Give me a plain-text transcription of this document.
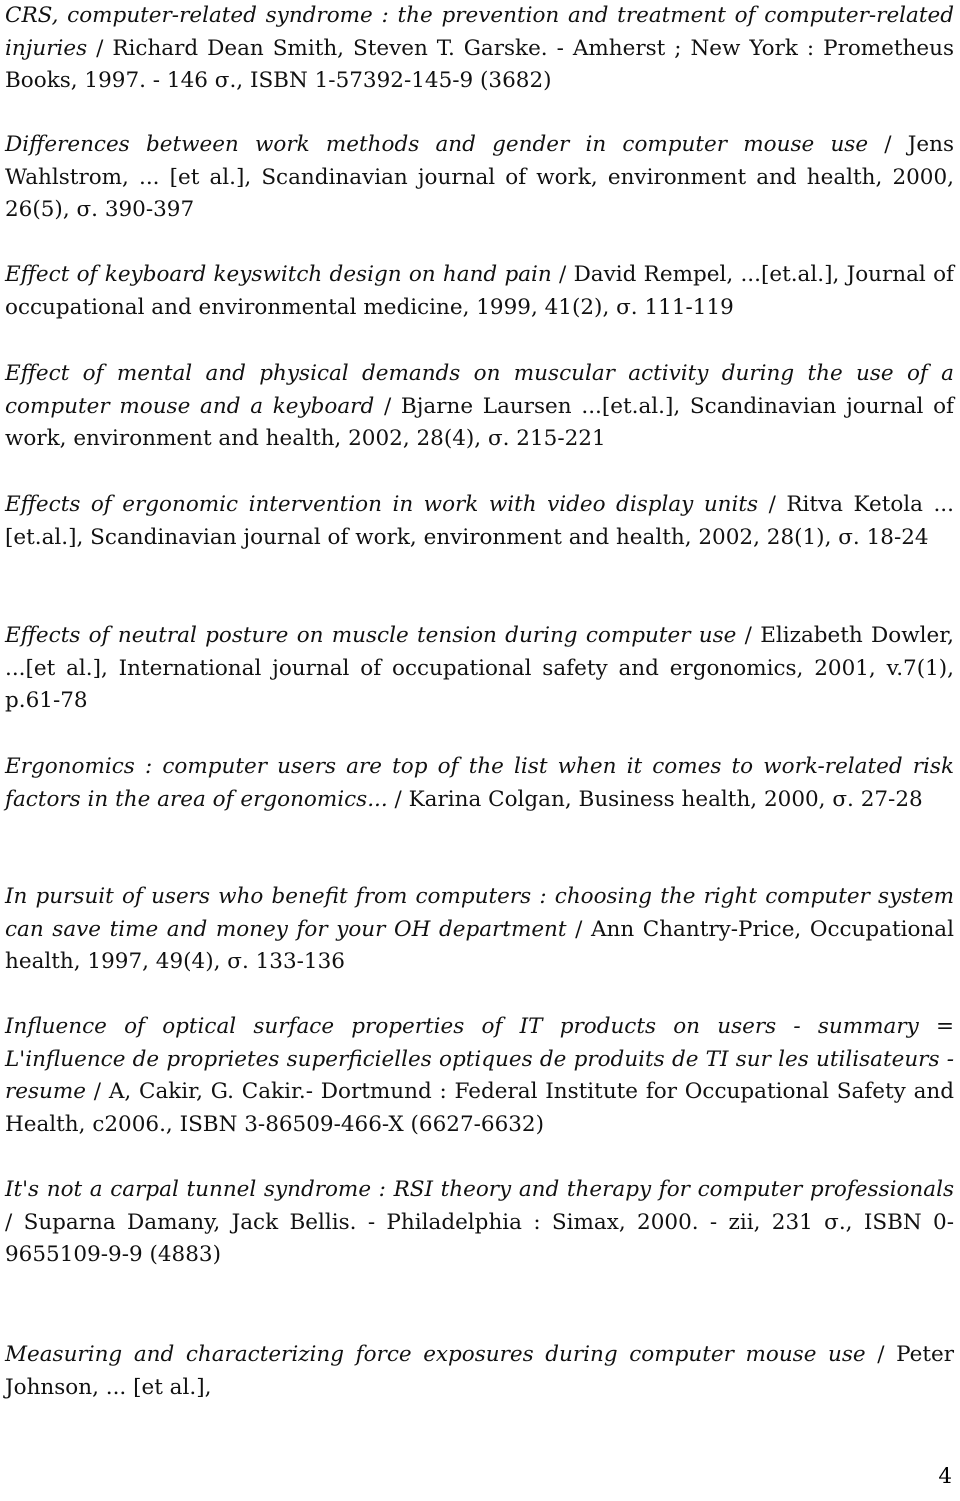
CRS, computer-related syndrome : the prevention and treatment of computer-related injuries / Richard Dean Smith, Steven T. Garske. - Amherst ; New York : Prometheus Books, 1997. - 146 σ., ISBN 1-57392-145-9 (3682)

Differences between work methods and gender in computer mouse use / Jens Wahlstrom, ... [et al.], Scandinavian journal of work, environment and health, 2000, 26(5), σ. 390-397

Effect of keyboard keyswitch design on hand pain / David Rempel, ...[et.al.], Journal of occupational and environmental medicine, 1999, 41(2), σ. 111-119

Effect of mental and physical demands on muscular activity during the use of a computer mouse and a keyboard / Bjarne Laursen ...[et.al.], Scandinavian journal of work, environment and health, 2002, 28(4), σ. 215-221

Effects of ergonomic intervention in work with video display units / Ritva Ketola ...[et.al.], Scandinavian journal of work, environment and health, 2002, 28(1), σ. 18-24

Effects of neutral posture on muscle tension during computer use / Elizabeth Dowler, ...[et al.], International journal of occupational safety and ergonomics, 2001, v.7(1), p.61-78

Ergonomics : computer users are top of the list when it comes to work-related risk factors in the area of ergonomics... / Karina Colgan, Business health, 2000, σ. 27-28

In pursuit of users who benefit from computers : choosing the right computer system can save time and money for your OH department / Ann Chantry-Price, Occupational health, 1997, 49(4), σ. 133-136

Influence of optical surface properties of IT products on users - summary = L'influence de proprietes superficielles optiques de produits de TI sur les utilisateurs - resume / A, Cakir, G. Cakir.- Dortmund : Federal Institute for Occupational Safety and Health, c2006., ISBN 3-86509-466-X (6627-6632)

It's not a carpal tunnel syndrome : RSI theory and therapy for computer professionals / Suparna Damany, Jack Bellis. - Philadelphia : Simax, 2000. - zii, 231 σ., ISBN 0-9655109-9-9 (4883)

Measuring and characterizing force exposures during computer mouse use / Peter Johnson, ... [et al.],

4
